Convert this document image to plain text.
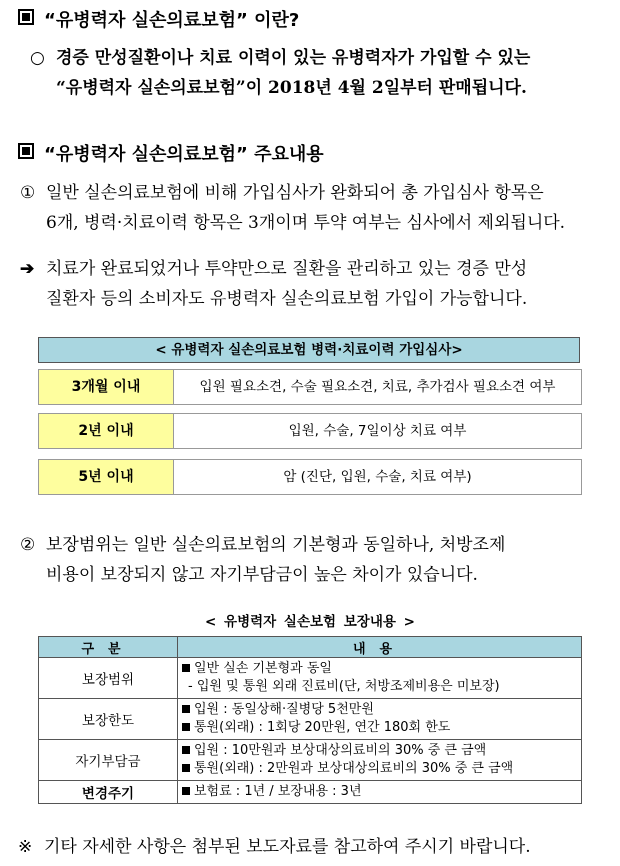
“유병력자 실손의료보험” 이란?
○ 경증 만성질환이나 치료 이력이 있는 유병력자가 가입할 수 있는
“유병력자 실손의료보험”이 2018년 4월 2일부터 판매됩니다.
“유병력자 실손의료보험” 주요내용
① 일반 실손의료보험에 비해 가입심사가 완화되어 총 가입심사 항목은
6개, 병력·치료이력 항목은 3개이며 투약 여부는 심사에서 제외됩니다.
➔ 치료가 완료되었거나 투약만으로 질환을 관리하고 있는 경증 만성
질환자 등의 소비자도 유병력자 실손의료보험 가입이 가능합니다.
< 유병력자 실손의료보험 병력·치료이력 가입심사>
3개월 이내	입원 필요소견, 수술 필요소견, 치료, 추가검사 필요소견 여부
2년 이내	입원, 수술, 7일이상 치료 여부
5년 이내	암 (진단, 입원, 수술, 치료 여부)
② 보장범위는 일반 실손의료보험의 기본형과 동일하나, 처방조제
비용이 보장되지 않고 자기부담금이 높은 차이가 있습니다.
< 유병력자 실손보험 보장내용 >
구분	내용
보장범위	일반 실손 기본형과 동일
- 입원 및 통원 외래 진료비(단, 처방조제비용은 미보장)

보장한도	입원 : 동일상해·질병당 5천만원
통원(외래) : 1회당 20만원, 연간 180회 한도

자기부담금	입원 : 10만원과 보상대상의료비의 30% 중 큰 금액
통원(외래) : 2만원과 보상대상의료비의 30% 중 큰 금액

변경주기	보험료 : 1년 / 보장내용 : 3년
※ 기타 자세한 사항은 첨부된 보도자료를 참고하여 주시기 바랍니다.
